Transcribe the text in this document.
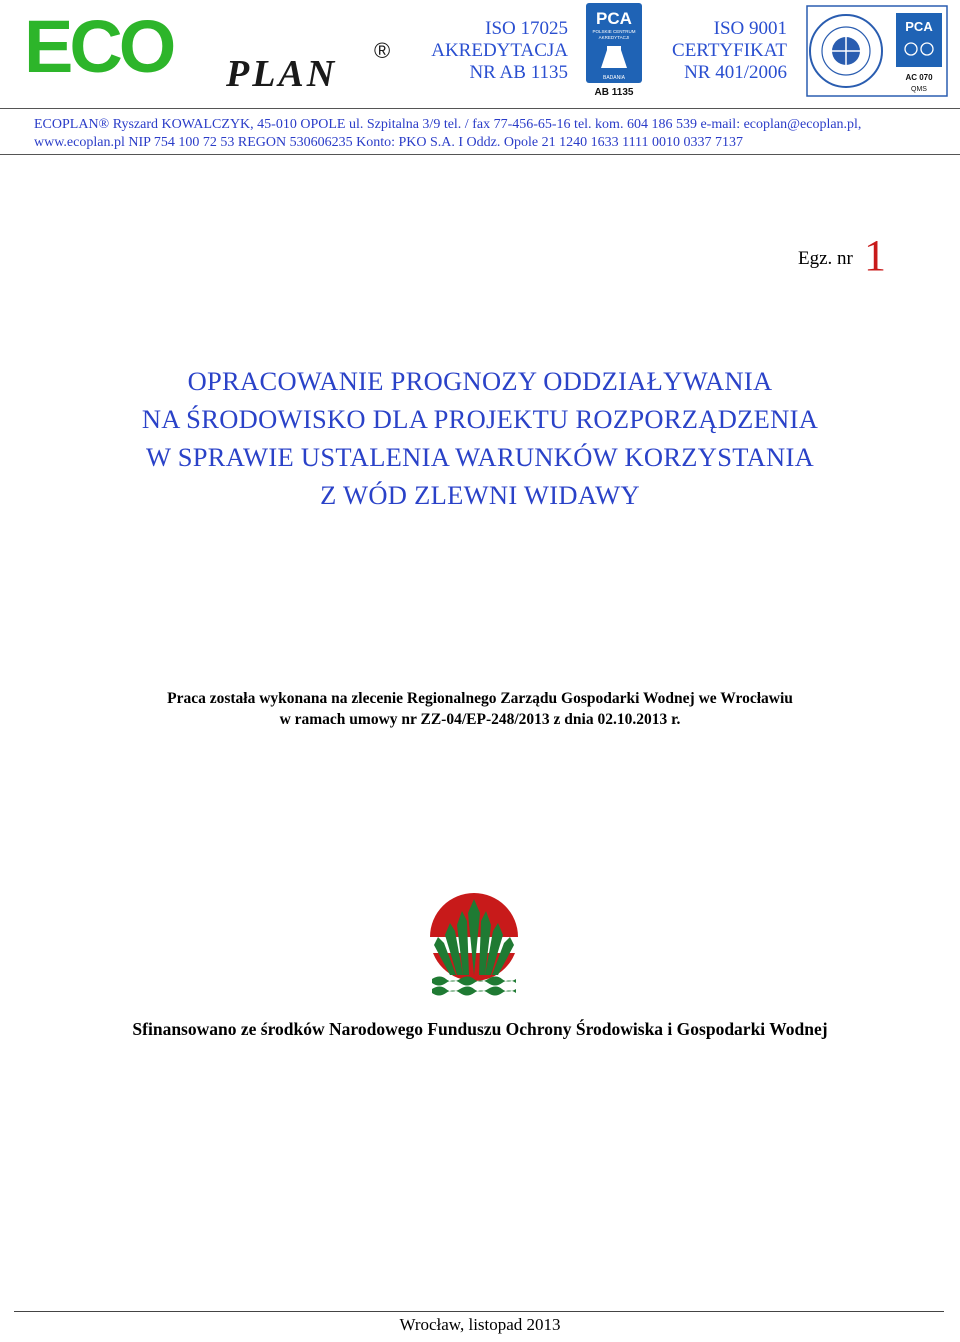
ECO PLAN
®
ISO 17025
AKREDYTACJA
NR AB 1135
PCA
POLSKIE CENTRUM
AKREDYTACJI
BADANIA
AB 1135
ISO 9001
CERTYFIKAT
NR 401/2006
PCA
AC 070
QMS
ECOPLAN® Ryszard KOWALCZYK, 45-010 OPOLE ul. Szpitalna 3/9 tel. / fax 77-456-65-16 tel. kom. 604 186 539 e-mail: ecoplan@ecoplan.pl,
www.ecoplan.pl NIP 754 100 72 53 REGON 530606235 Konto: PKO S.A. I Oddz. Opole 21 1240 1633 1111 0010 0337 7137
Egz. nr 1
OPRACOWANIE PROGNOZY ODDZIAŁYWANIA
NA ŚRODOWISKO DLA PROJEKTU ROZPORZĄDZENIA
W SPRAWIE USTALENIA WARUNKÓW KORZYSTANIA
Z WÓD ZLEWNI WIDAWY
Praca została wykonana na zlecenie Regionalnego Zarządu Gospodarki Wodnej we Wrocławiu
w ramach umowy nr ZZ-04/EP-248/2013 z dnia 02.10.2013 r.
Sfinansowano ze środków Narodowego Funduszu Ochrony Środowiska i Gospodarki Wodnej
Wrocław, listopad 2013
